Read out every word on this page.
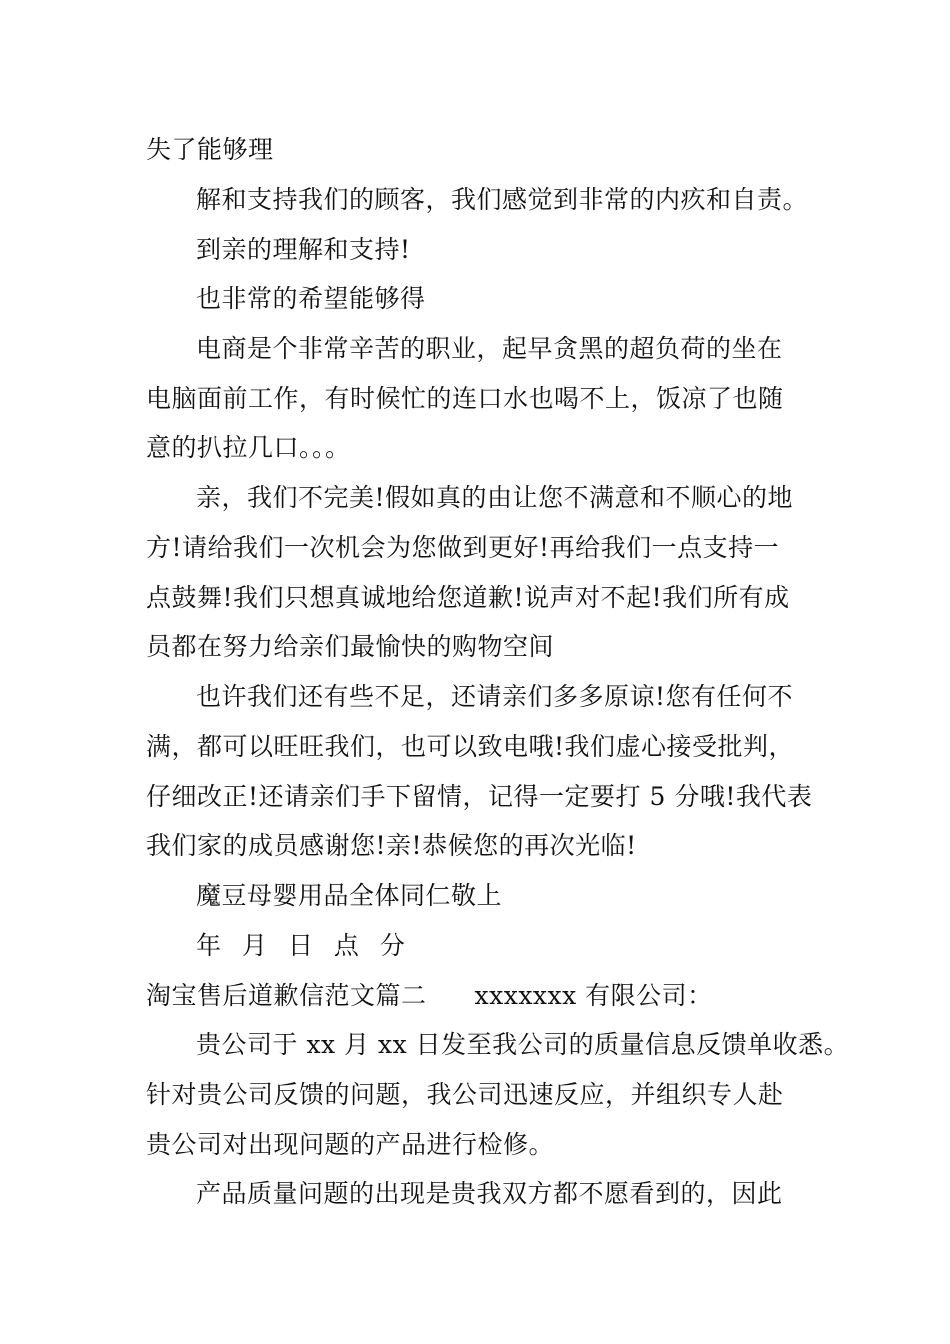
失了能够理
解和支持我们的顾客，我们感觉到非常的内疚和自责。
到亲的理解和支持!
也非常的希望能够得
电商是个非常辛苦的职业，起早贪黑的超负荷的坐在
电脑面前工作，有时候忙的连口水也喝不上，饭凉了也随
意的扒拉几口。。。
亲，我们不完美!假如真的由让您不满意和不顺心的地
方!请给我们一次机会为您做到更好!再给我们一点支持一
点鼓舞!我们只想真诚地给您道歉!说声对不起!我们所有成
员都在努力给亲们最愉快的购物空间
也许我们还有些不足，还请亲们多多原谅!您有任何不
满，都可以旺旺我们，也可以致电哦!我们虚心接受批判，
仔细改正!还请亲们手下留情，记得一定要打 5 分哦!我代表
我们家的成员感谢您!亲!恭候您的再次光临!
魔豆母婴用品全体同仁敬上
年 月 日 点 分
淘宝售后道歉信范文篇二 xxxxxxx 有限公司：
贵公司于 xx 月 xx 日发至我公司的质量信息反馈单收悉。
针对贵公司反馈的问题，我公司迅速反应，并组织专人赴
贵公司对出现问题的产品进行检修。
产品质量问题的出现是贵我双方都不愿看到的，因此
